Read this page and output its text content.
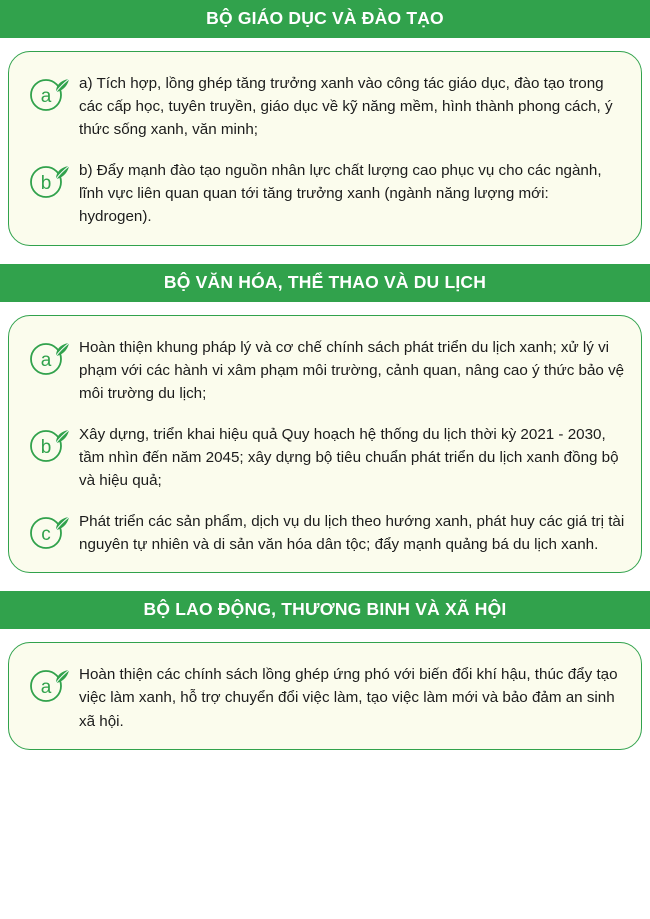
BỘ GIÁO DỤC VÀ ĐÀO TẠO
a
a) Tích hợp, lồng ghép tăng trưởng xanh vào công tác giáo dục, đào tạo trong các cấp học, tuyên truyền, giáo dục về kỹ năng mềm, hình thành phong cách, ý thức sống xanh, văn minh;
b
b) Đẩy mạnh đào tạo nguồn nhân lực chất lượng cao phục vụ cho các ngành, lĩnh vực liên quan quan tới tăng trưởng xanh (ngành năng lượng mới: hydrogen).
BỘ VĂN HÓA, THỂ THAO VÀ DU LỊCH
a
Hoàn thiện khung pháp lý và cơ chế chính sách phát triển du lịch xanh; xử lý vi phạm với các hành vi xâm phạm môi trường, cảnh quan, nâng cao ý thức bảo vệ môi trường du lịch;
b
Xây dựng, triển khai hiệu quả Quy hoạch hệ thống du lịch thời kỳ 2021 - 2030, tầm nhìn đến năm 2045; xây dựng bộ tiêu chuẩn phát triển du lịch xanh đồng bộ và hiệu quả;
c
Phát triển các sản phẩm, dịch vụ du lịch theo hướng xanh, phát huy các giá trị tài nguyên tự nhiên và di sản văn hóa dân tộc; đẩy mạnh quảng bá du lịch xanh.
BỘ LAO ĐỘNG, THƯƠNG BINH VÀ XÃ HỘI
a
Hoàn thiện các chính sách lồng ghép ứng phó với biến đổi khí hậu, thúc đẩy tạo việc làm xanh, hỗ trợ chuyển đổi việc làm, tạo việc làm mới và bảo đảm an sinh xã hội.
